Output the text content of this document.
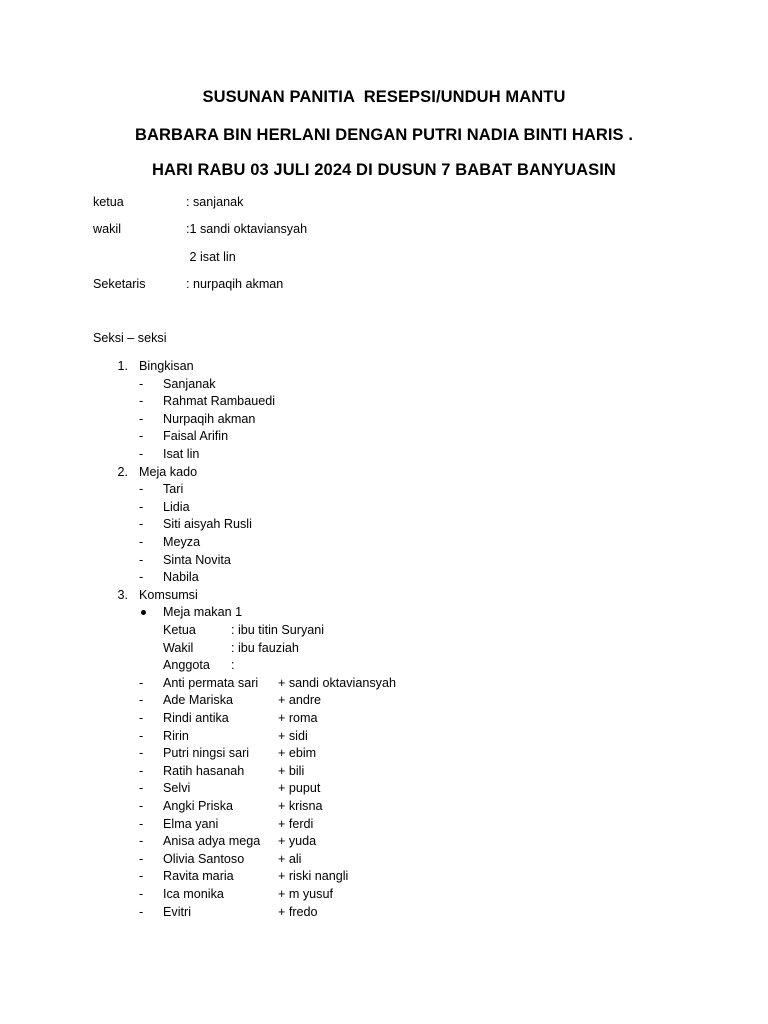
SUSUNAN PANITIA  RESEPSI/UNDUH MANTU
BARBARA BIN HERLANI DENGAN PUTRI NADIA BINTI HARIS .
HARI RABU 03 JULI 2024 DI DUSUN 7 BABAT BANYUASIN
ketua	: sanjanak
wakil	:1 sandi oktaviansyah
2 isat lin
Seketaris	: nurpaqih akman
Seksi – seksi
1. Bingkisan
- Sanjanak
- Rahmat Rambauedi
- Nurpaqih akman
- Faisal Arifin
- Isat lin
2. Meja kado
- Tari
- Lidia
- Siti aisyah Rusli
- Meyza
- Sinta Novita
- Nabila
3. Komsumsi
Meja makan 1
Ketua	: ibu titin Suryani
Wakil	: ibu fauziah
Anggota :
- Anti permata sari + sandi oktaviansyah
- Ade Mariska	+ andre
- Rindi antika	+ roma
- Ririn	+ sidi
- Putri ningsi sari + ebim
- Ratih hasanah	+ bili
- Selvi	+ puput
- Angki Priska	+ krisna
- Elma yani	+ ferdi
- Anisa adya mega + yuda
- Olivia Santoso	+ ali
- Ravita maria	+ riski nangli
- Ica monika	+ m yusuf
- Evitri	+ fredo
